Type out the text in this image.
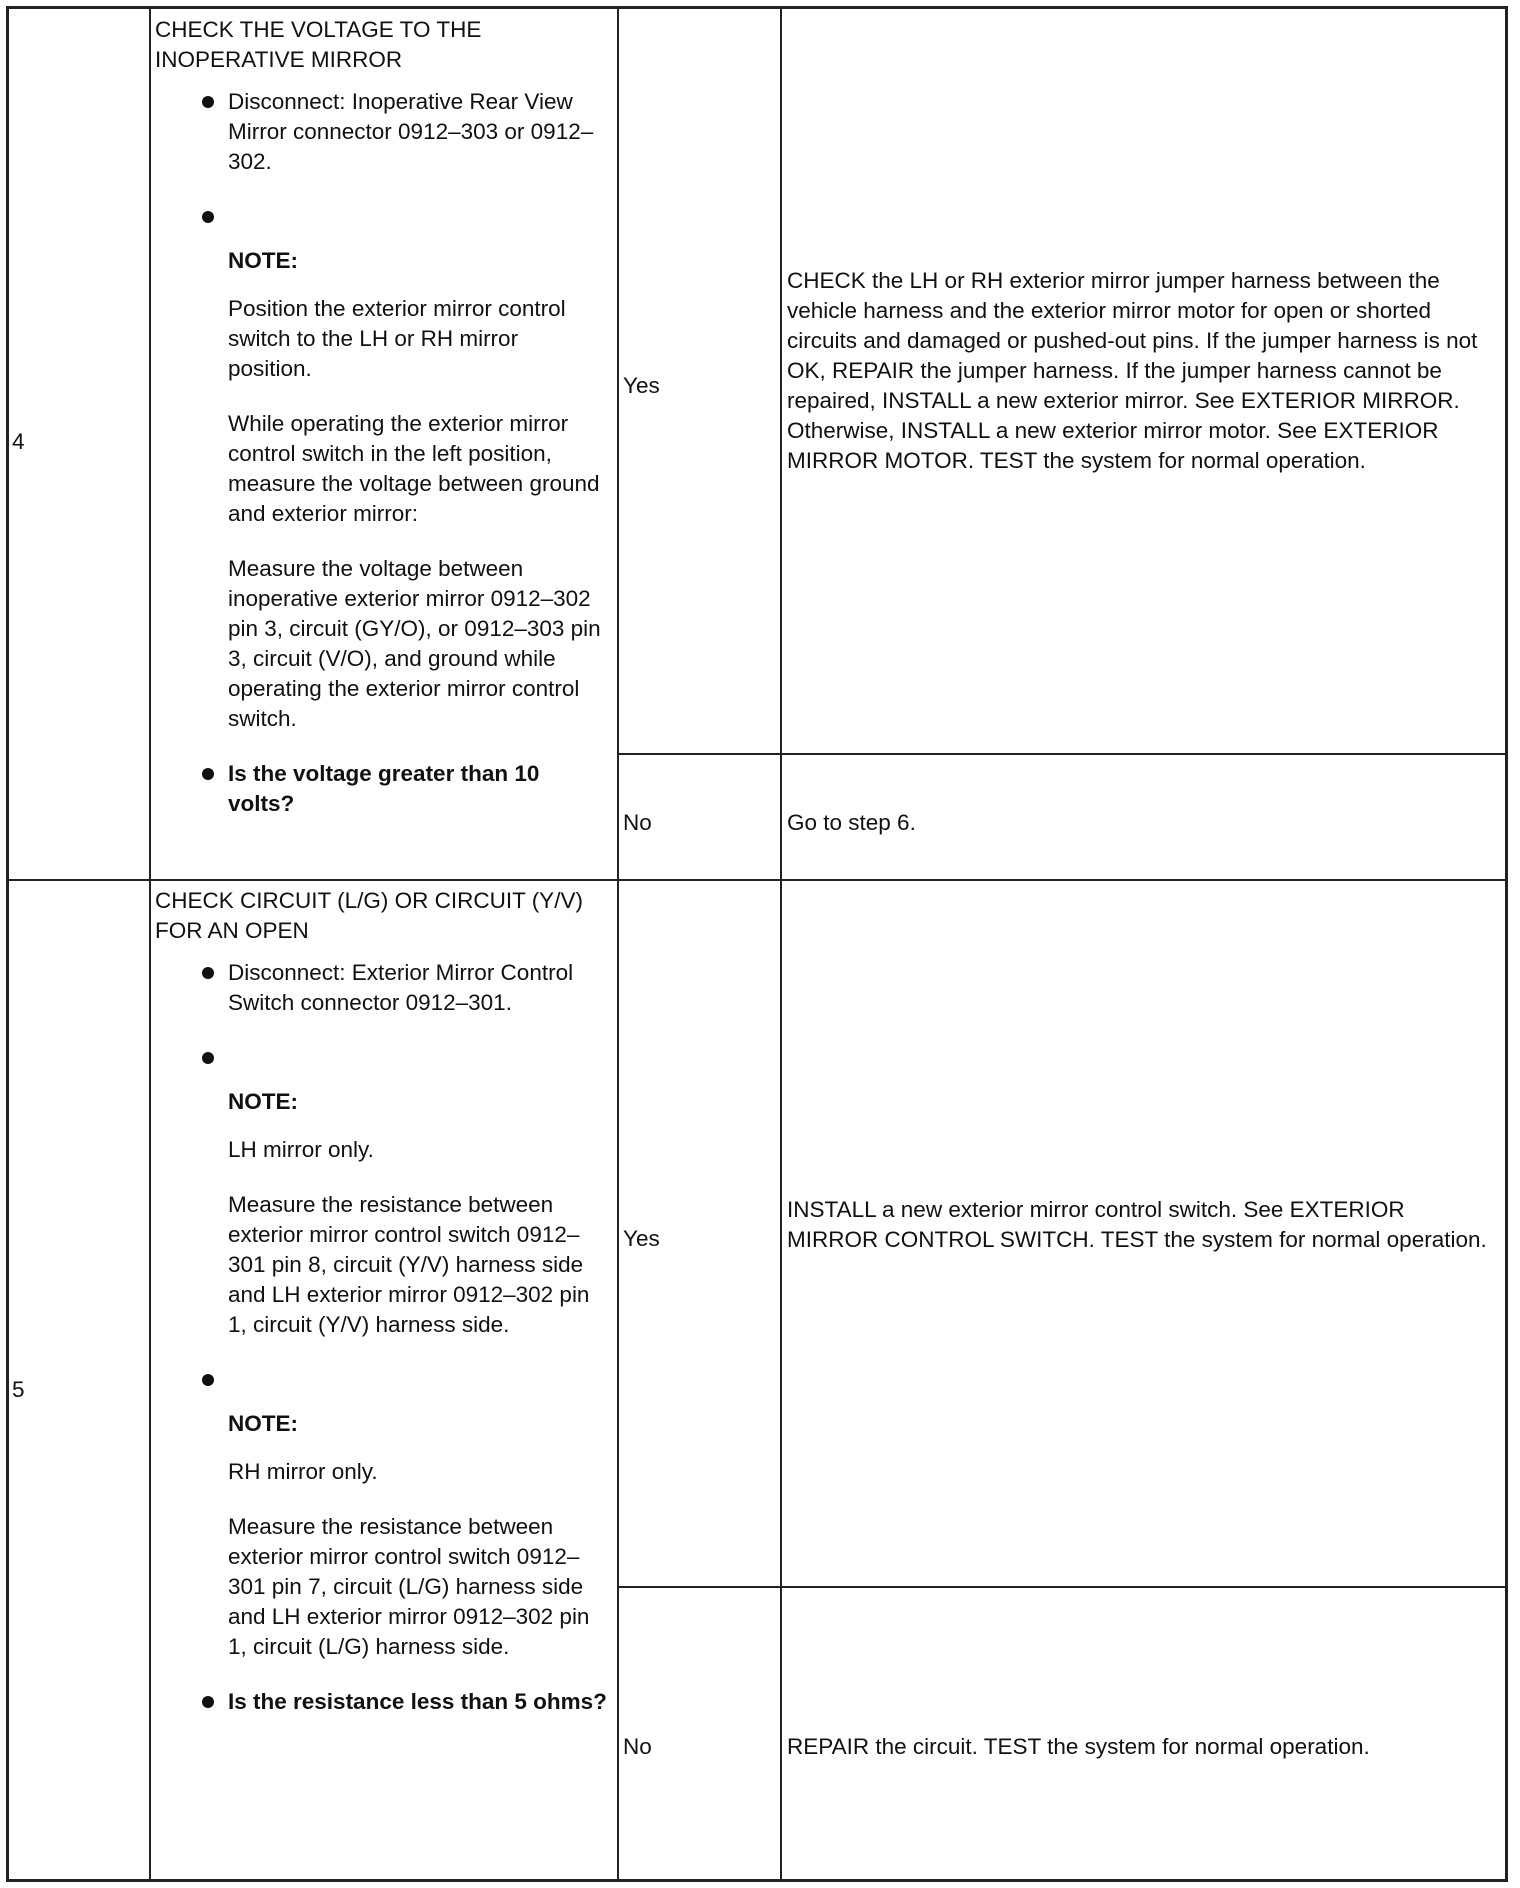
4
CHECK THE VOLTAGE TO THE INOPERATIVE MIRROR
Disconnect: Inoperative Rear View Mirror connector 0912–303 or 0912–302.
NOTE:
Position the exterior mirror control switch to the LH or RH mirror position.
While operating the exterior mirror control switch in the left position, measure the voltage between ground and exterior mirror:
Measure the voltage between inoperative exterior mirror 0912–302 pin 3, circuit (GY/O), or 0912–303 pin 3, circuit (V/O), and ground while operating the exterior mirror control switch.
Is the voltage greater than 10 volts?
Yes
CHECK the LH or RH exterior mirror jumper harness between the vehicle harness and the exterior mirror motor for open or shorted circuits and damaged or pushed-out pins. If the jumper harness is not OK, REPAIR the jumper harness. If the jumper harness cannot be repaired, INSTALL a new exterior mirror. See EXTERIOR MIRROR. Otherwise, INSTALL a new exterior mirror motor. See EXTERIOR MIRROR MOTOR. TEST the system for normal operation.
No	Go to step 6.
5
CHECK CIRCUIT (L/G) OR CIRCUIT (Y/V) FOR AN OPEN
Disconnect: Exterior Mirror Control Switch connector 0912–301.
NOTE:
LH mirror only.
Measure the resistance between exterior mirror control switch 0912–301 pin 8, circuit (Y/V) harness side and LH exterior mirror 0912–302 pin 1, circuit (Y/V) harness side.
NOTE:
RH mirror only.
Measure the resistance between exterior mirror control switch 0912–301 pin 7, circuit (L/G) harness side and LH exterior mirror 0912–302 pin 1, circuit (L/G) harness side.
Is the resistance less than 5 ohms?
Yes
INSTALL a new exterior mirror control switch. See EXTERIOR MIRROR CONTROL SWITCH. TEST the system for normal operation.
No	REPAIR the circuit. TEST the system for normal operation.
